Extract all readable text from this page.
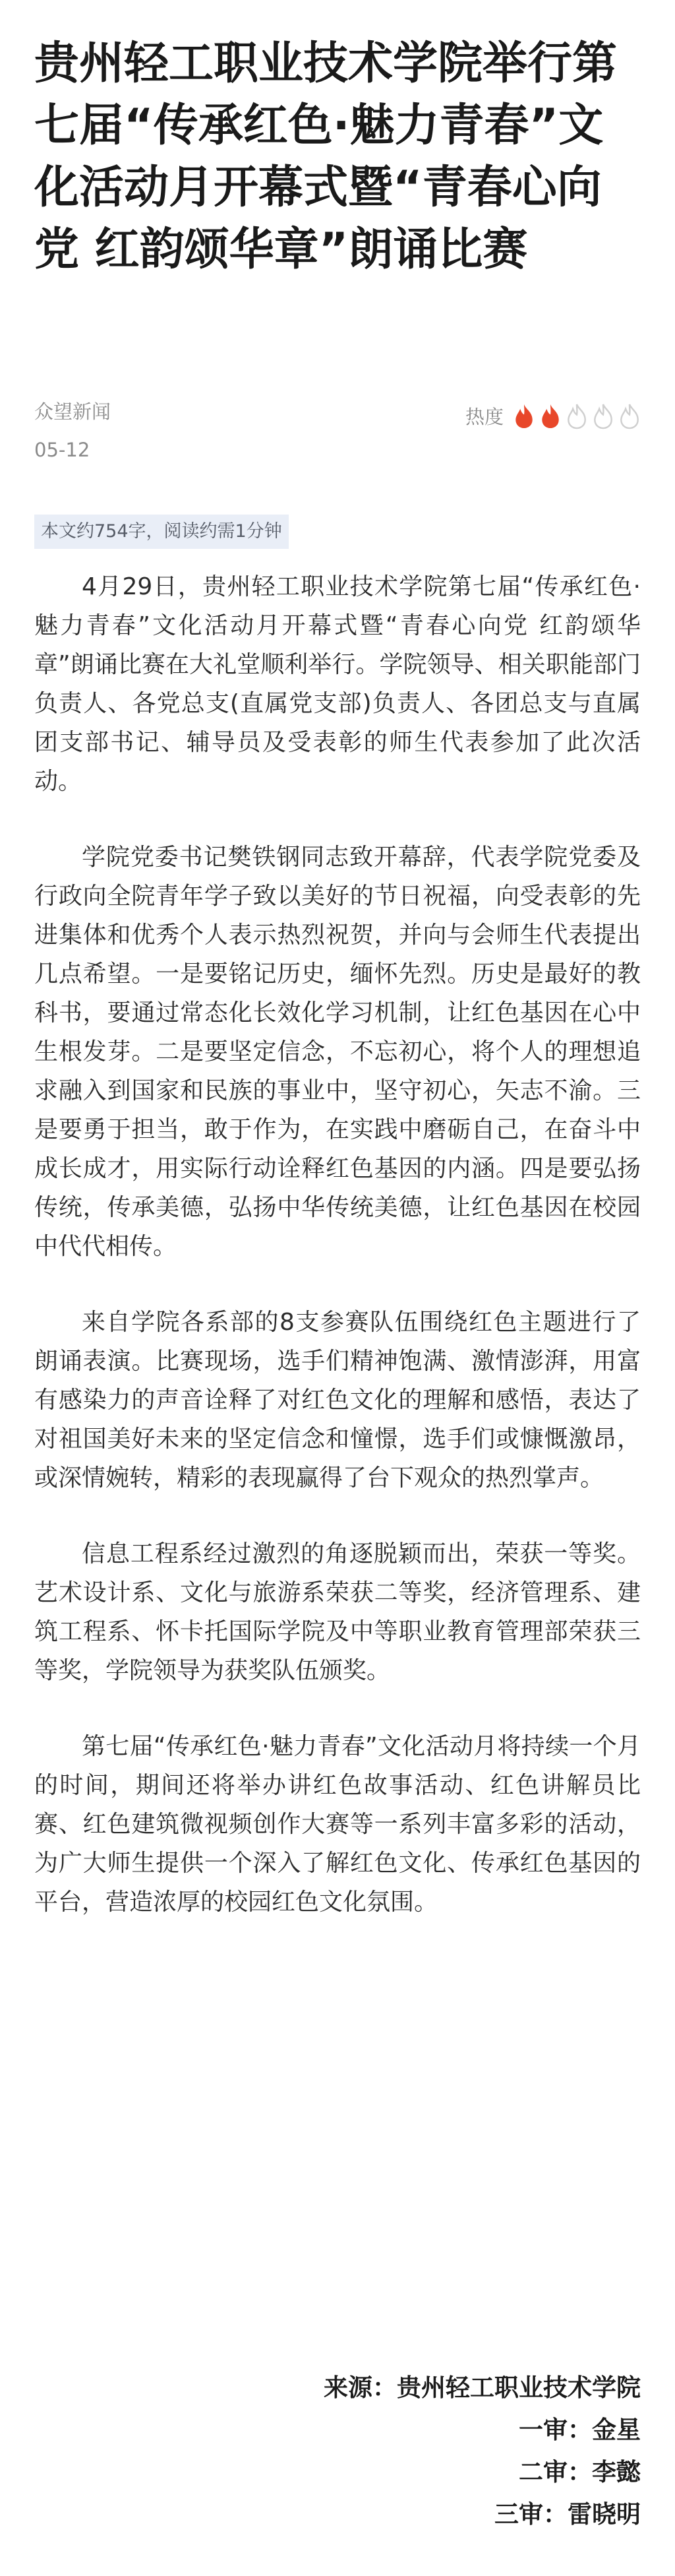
贵州轻工职业技术学院举行第七届“传承红色·魅力青春”文化活动月开幕式暨“青春心向党 红韵颂华章”朗诵比赛
众望新闻
05-12
热度
本文约754字，阅读约需1分钟

4月29日，贵州轻工职业技术学院第七届“传承红色·魅力青春”文化活动月开幕式暨“青春心向党 红韵颂华章”朗诵比赛在大礼堂顺利举行。学院领导、相关职能部门负责人、各党总支(直属党支部)负责人、各团总支与直属团支部书记、辅导员及受表彰的师生代表参加了此次活动。

学院党委书记樊铁钢同志致开幕辞，代表学院党委及行政向全院青年学子致以美好的节日祝福，向受表彰的先进集体和优秀个人表示热烈祝贺，并向与会师生代表提出几点希望。一是要铭记历史，缅怀先烈。历史是最好的教科书，要通过常态化长效化学习机制，让红色基因在心中生根发芽。二是要坚定信念，不忘初心，将个人的理想追求融入到国家和民族的事业中，坚守初心，矢志不渝。三是要勇于担当，敢于作为，在实践中磨砺自己，在奋斗中成长成才，用实际行动诠释红色基因的内涵。四是要弘扬传统，传承美德，弘扬中华传统美德，让红色基因在校园中代代相传。

来自学院各系部的8支参赛队伍围绕红色主题进行了朗诵表演。比赛现场，选手们精神饱满、激情澎湃，用富有感染力的声音诠释了对红色文化的理解和感悟，表达了对祖国美好未来的坚定信念和憧憬，选手们或慷慨激昂，或深情婉转，精彩的表现赢得了台下观众的热烈掌声。

信息工程系经过激烈的角逐脱颖而出，荣获一等奖。艺术设计系、文化与旅游系荣获二等奖，经济管理系、建筑工程系、怀卡托国际学院及中等职业教育管理部荣获三等奖，学院领导为获奖队伍颁奖。

第七届“传承红色·魅力青春”文化活动月将持续一个月的时间，期间还将举办讲红色故事活动、红色讲解员比赛、红色建筑微视频创作大赛等一系列丰富多彩的活动，为广大师生提供一个深入了解红色文化、传承红色基因的平台，营造浓厚的校园红色文化氛围。

来源：贵州轻工职业技术学院
一审：金星
二审：李懿
三审：雷晓明
